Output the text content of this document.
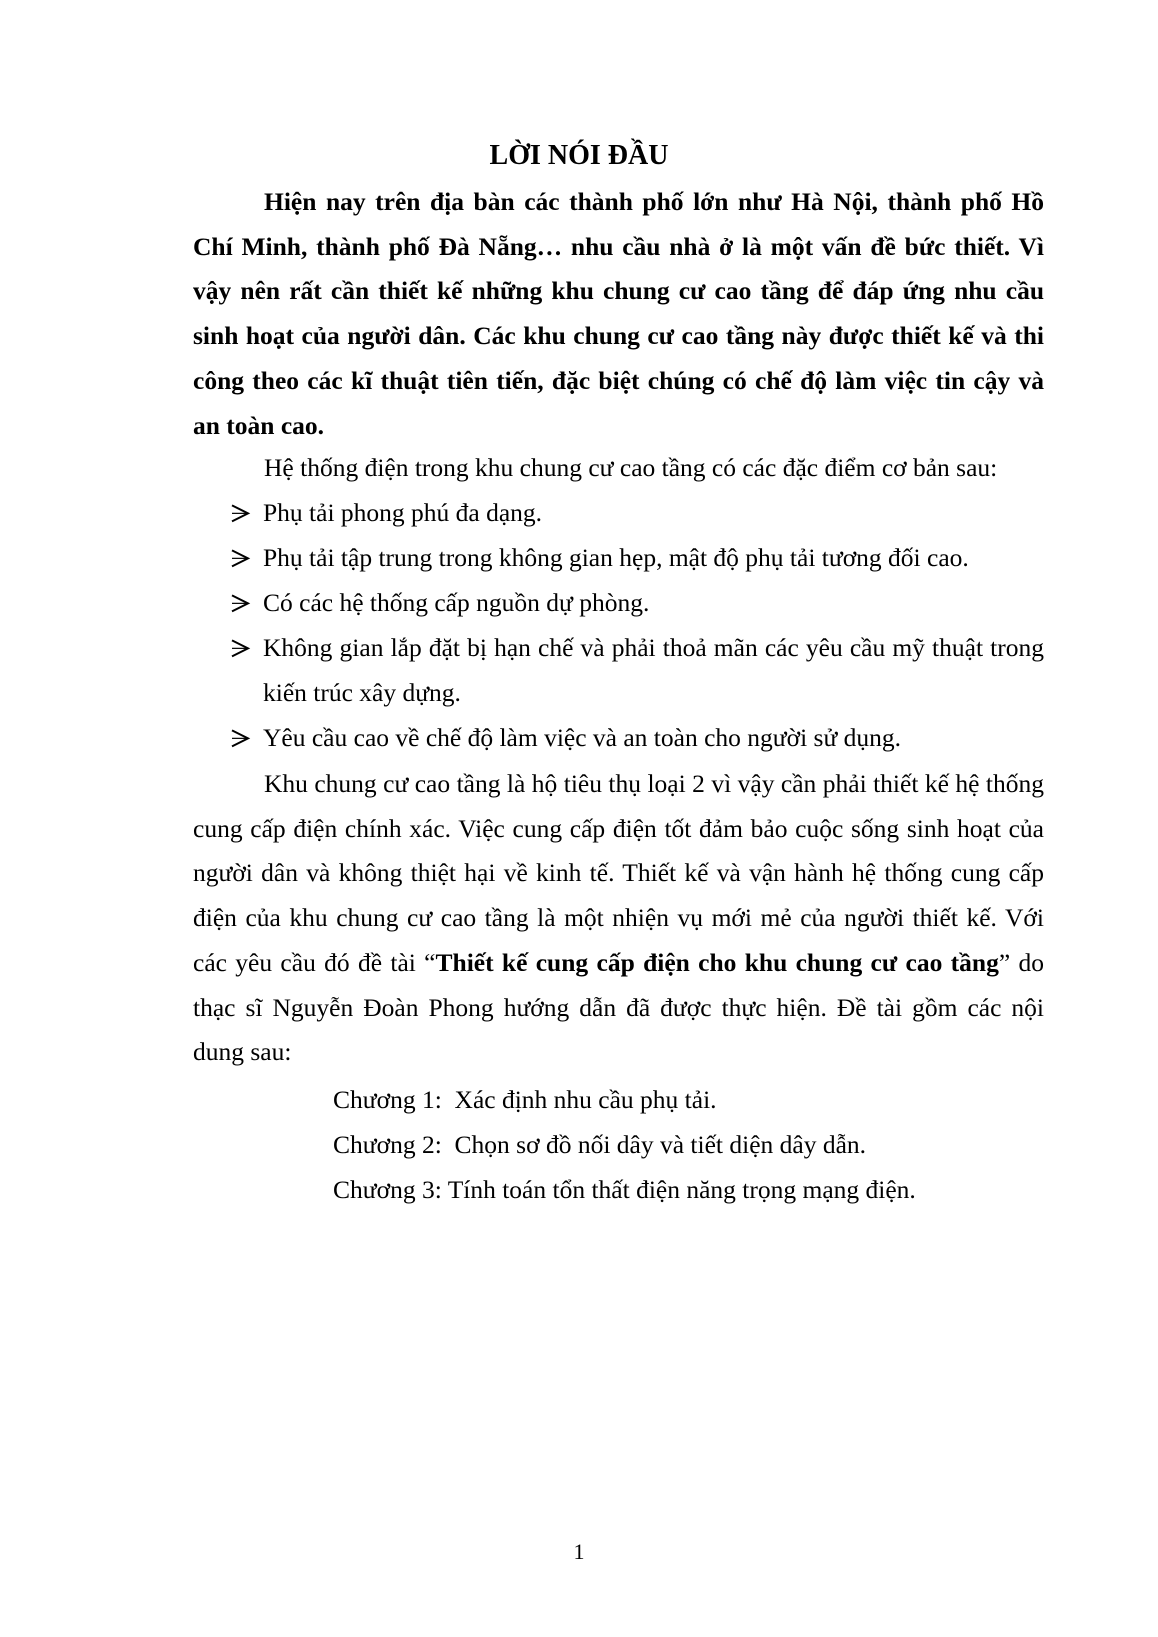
LỜI NÓI ĐẦU
Hiện nay trên địa bàn các thành phố lớn như Hà Nội, thành phố Hồ Chí Minh, thành phố Đà Nẵng… nhu cầu nhà ở là một vấn đề bức thiết. Vì vậy nên rất cần thiết kế những khu chung cư cao tầng để đáp ứng nhu cầu sinh hoạt của người dân. Các khu chung cư cao tầng này được thiết kế và thi công theo các kĩ thuật tiên tiến, đặc biệt chúng có chế độ làm việc tin cậy và an toàn cao.
Hệ thống điện trong khu chung cư cao tầng có các đặc điểm cơ bản sau:
Phụ tải phong phú đa dạng.
Phụ tải tập trung trong không gian hẹp, mật độ phụ tải tương đối cao.
Có các hệ thống cấp nguồn dự phòng.
Không gian lắp đặt bị hạn chế và phải thoả mãn các yêu cầu mỹ thuật trong kiến trúc xây dựng.
Yêu cầu cao về chế độ làm việc và an toàn cho người sử dụng.
Khu chung cư cao tầng là hộ tiêu thụ loại 2 vì vậy cần phải thiết kế hệ thống cung cấp điện chính xác. Việc cung cấp điện tốt đảm bảo cuộc sống sinh hoạt của người dân và không thiệt hại về kinh tế. Thiết kế và vận hành hệ thống cung cấp điện của khu chung cư cao tầng là một nhiện vụ mới mẻ của người thiết kế. Với các yêu cầu đó đề tài “Thiết kế cung cấp điện cho khu chung cư cao tầng” do thạc sĩ Nguyễn Đoàn Phong hướng dẫn đã được thực hiện. Đề tài gồm các nội dung sau:
Chương 1:  Xác định nhu cầu phụ tải.
Chương 2:  Chọn sơ đồ nối dây và tiết diện dây dẫn.
Chương 3: Tính toán tổn thất điện năng trọng mạng điện.
1
